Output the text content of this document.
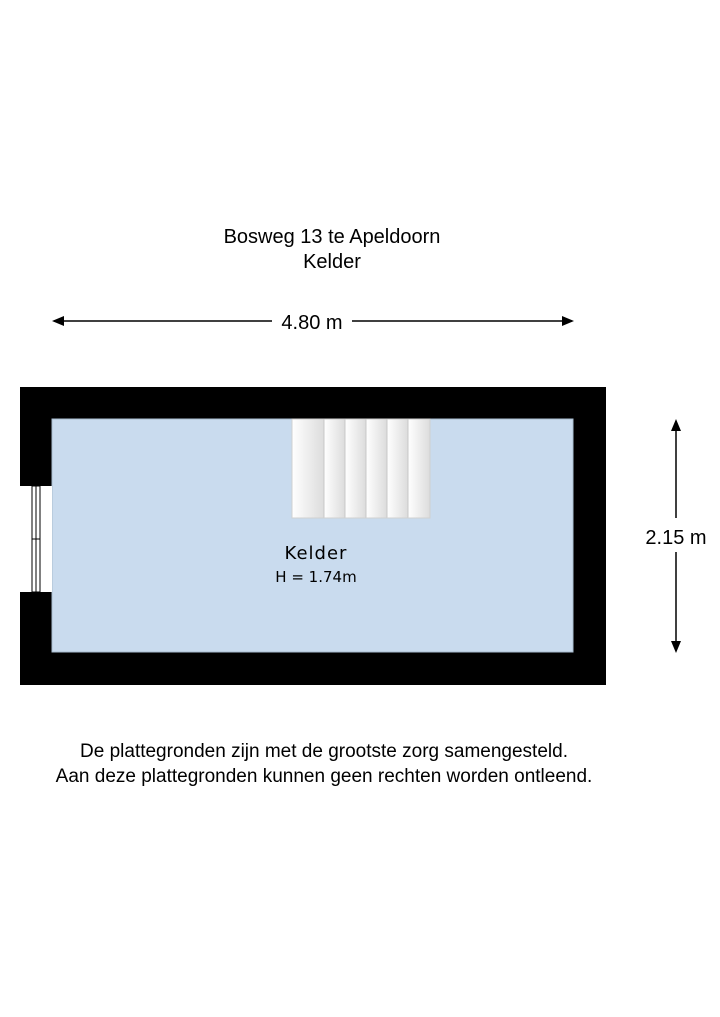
Bosweg 13 te Apeldoorn
Kelder
4.80 m
2.15 m
Kelder
H = 1.74m
De plattegronden zijn met de grootste zorg samengesteld.
Aan deze plattegronden kunnen geen rechten worden ontleend.
